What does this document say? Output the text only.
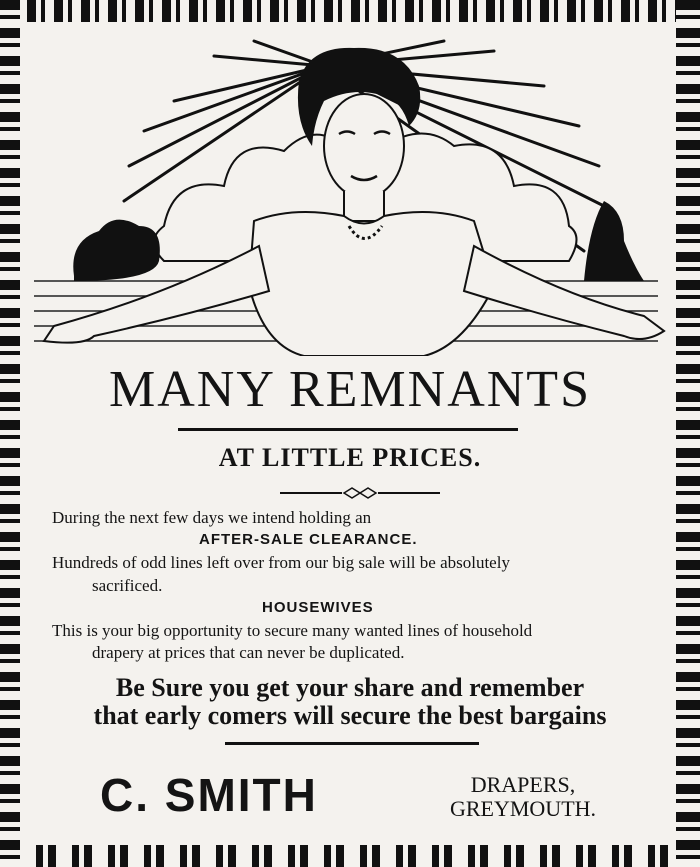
MANY REMNANTS
AT LITTLE PRICES.
During the next few days we intend holding an
AFTER-SALE CLEARANCE.
Hundreds of odd lines left over from our big sale will be absolutely
sacrificed.
HOUSEWIVES
This is your big opportunity to secure many wanted lines of household
drapery at prices that can never be duplicated.
Be Sure you get your share and remember
that early comers will secure the best bargains
C. SMITH	DRAPERS,
GREYMOUTH.
